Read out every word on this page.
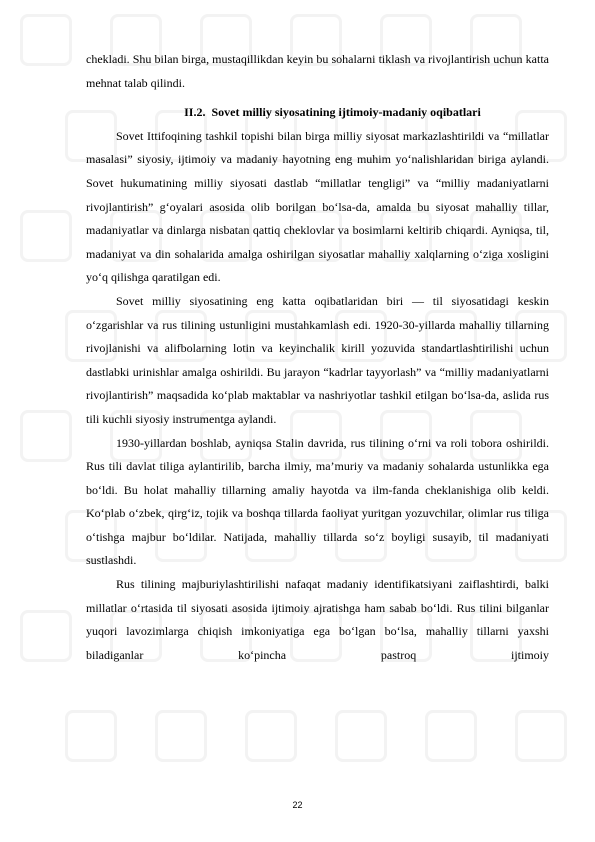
chekladi. Shu bilan birga, mustaqillikdan keyin bu sohalarni tiklash va rivojlantirish uchun katta mehnat talab qilindi.

II.2. Sovet milliy siyosatining ijtimoiy-madaniy oqibatlari

Sovet Ittifoqining tashkil topishi bilan birga milliy siyosat markazlashtirildi va “millatlar masalasi” siyosiy, ijtimoiy va madaniy hayotning eng muhim yo‘nalishlaridan biriga aylandi. Sovet hukumatining milliy siyosati dastlab “millatlar tengligi” va “milliy madaniyatlarni rivojlantirish” g‘oyalari asosida olib borilgan bo‘lsa-da, amalda bu siyosat mahalliy tillar, madaniyatlar va dinlarga nisbatan qattiq cheklovlar va bosimlarni keltirib chiqardi. Ayniqsa, til, madaniyat va din sohalarida amalga oshirilgan siyosatlar mahalliy xalqlarning o‘ziga xosligini yo‘q qilishga qaratilgan edi.

Sovet milliy siyosatining eng katta oqibatlaridan biri — til siyosatidagi keskin o‘zgarishlar va rus tilining ustunligini mustahkamlash edi. 1920-30-yillarda mahalliy tillarning rivojlanishi va alifbolarning lotin va keyinchalik kirill yozuvida standartlashtirilishi uchun dastlabki urinishlar amalga oshirildi. Bu jarayon “kadrlar tayyorlash” va “milliy madaniyatlarni rivojlantirish” maqsadida ko‘plab maktablar va nashriyotlar tashkil etilgan bo‘lsa-da, aslida rus tili kuchli siyosiy instrumentga aylandi.

1930-yillardan boshlab, ayniqsa Stalin davrida, rus tilining o‘rni va roli tobora oshirildi. Rus tili davlat tiliga aylantirilib, barcha ilmiy, ma’muriy va madaniy sohalarda ustunlikka ega bo‘ldi. Bu holat mahalliy tillarning amaliy hayotda va ilm-fanda cheklanishiga olib keldi. Ko‘plab o‘zbek, qirg‘iz, tojik va boshqa tillarda faoliyat yuritgan yozuvchilar, olimlar rus tiliga o‘tishga majbur bo‘ldilar. Natijada, mahalliy tillarda so‘z boyligi susayib, til madaniyati sustlashdi.

Rus tilining majburiylashtirilishi nafaqat madaniy identifikatsiyani zaiflashtirdi, balki millatlar o‘rtasida til siyosati asosida ijtimoiy ajratishga ham sabab bo‘ldi. Rus tilini bilganlar yuqori lavozimlarga chiqish imkoniyatiga ega bo‘lgan bo‘lsa, mahalliy tillarni yaxshi biladiganlar ko‘pincha pastroq ijtimoiy

22
